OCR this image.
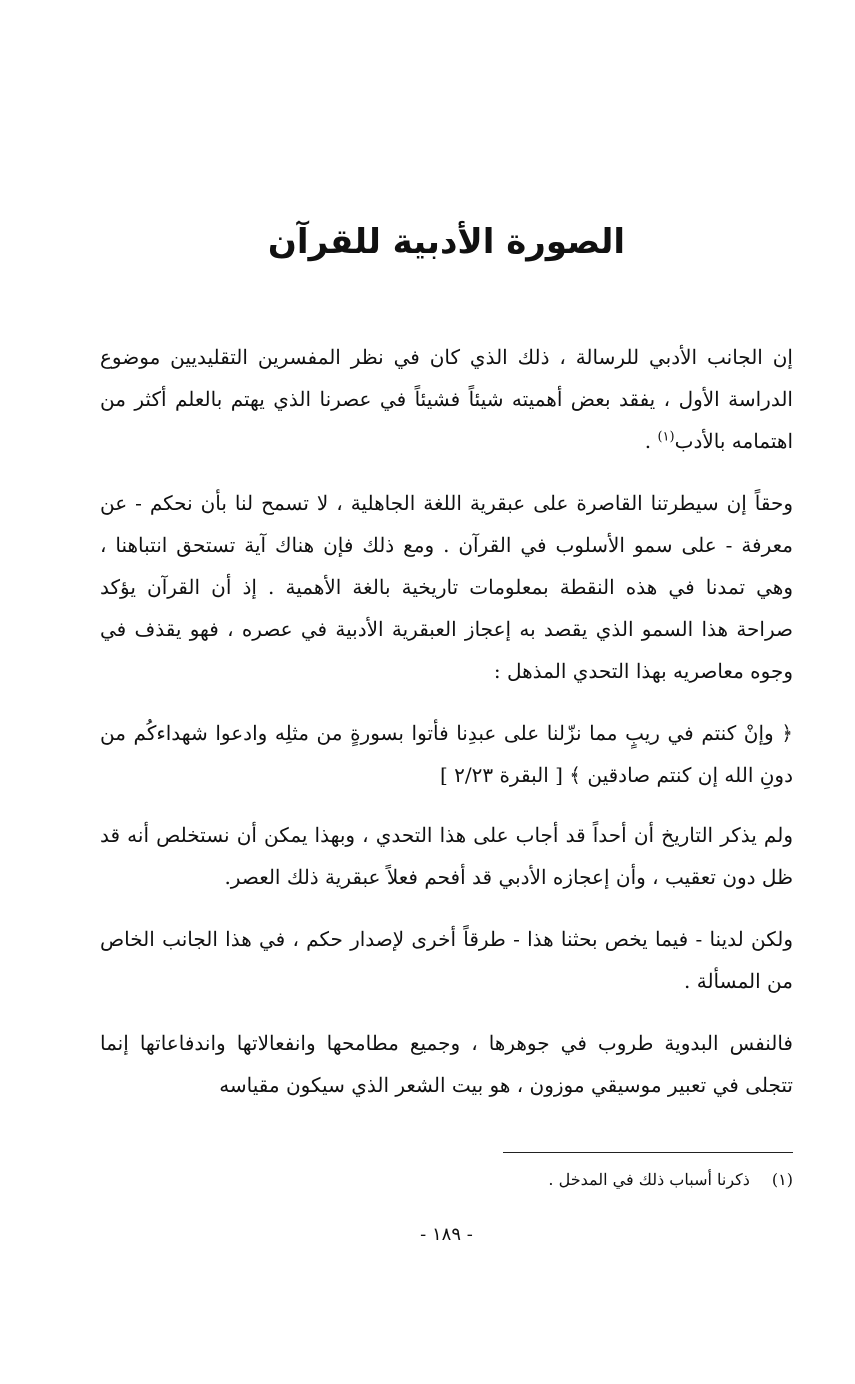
الصورة الأدبية للقرآن

إن الجانب الأدبي للرسالة ، ذلك الذي كان في نظر المفسرين التقليديين موضوع الدراسة الأول ، يفقد بعض أهميته شيئاً فشيئاً في عصرنا الذي يهتم بالعلم أكثر من اهتمامه بالأدب$^{(١)}$ .

وحقاً إن سيطرتنا القاصرة على عبقرية اللغة الجاهلية ، لا تسمح لنا بأن نحكم - عن معرفة - على سمو الأسلوب في القرآن . ومع ذلك فإن هناك آية تستحق انتباهنا ، وهي تمدنا في هذه النقطة بمعلومات تاريخية بالغة الأهمية . إذ أن القرآن يؤكد صراحة هذا السمو الذي يقصد به إعجاز العبقرية الأدبية في عصره ، فهو يقذف في وجوه معاصريه بهذا التحدي المذهل :

﴿ وإنْ كنتم في ريبٍ مما نزّلنا على عبدِنا فأتوا بسورةٍ من مثلِه وادعوا شهداءكُم من دونِ الله إن كنتم صادقين ﴾ [ البقرة ٢/٢٣ ]

ولم يذكر التاريخ أن أحداً قد أجاب على هذا التحدي ، وبهذا يمكن أن نستخلص أنه قد ظل دون تعقيب ، وأن إعجازه الأدبي قد أفحم فعلاً عبقرية ذلك العصر.

ولكن لدينا - فيما يخص بحثنا هذا - طرقاً أخرى لإصدار حكم ، في هذا الجانب الخاص من المسألة .

فالنفس البدوية طروب في جوهرها ، وجميع مطامحها وانفعالاتها واندفاعاتها إنما تتجلى في تعبير موسيقي موزون ، هو بيت الشعر الذي سيكون مقياسه

(١)ذكرنا أسباب ذلك في المدخل .
- ١٨٩ -
